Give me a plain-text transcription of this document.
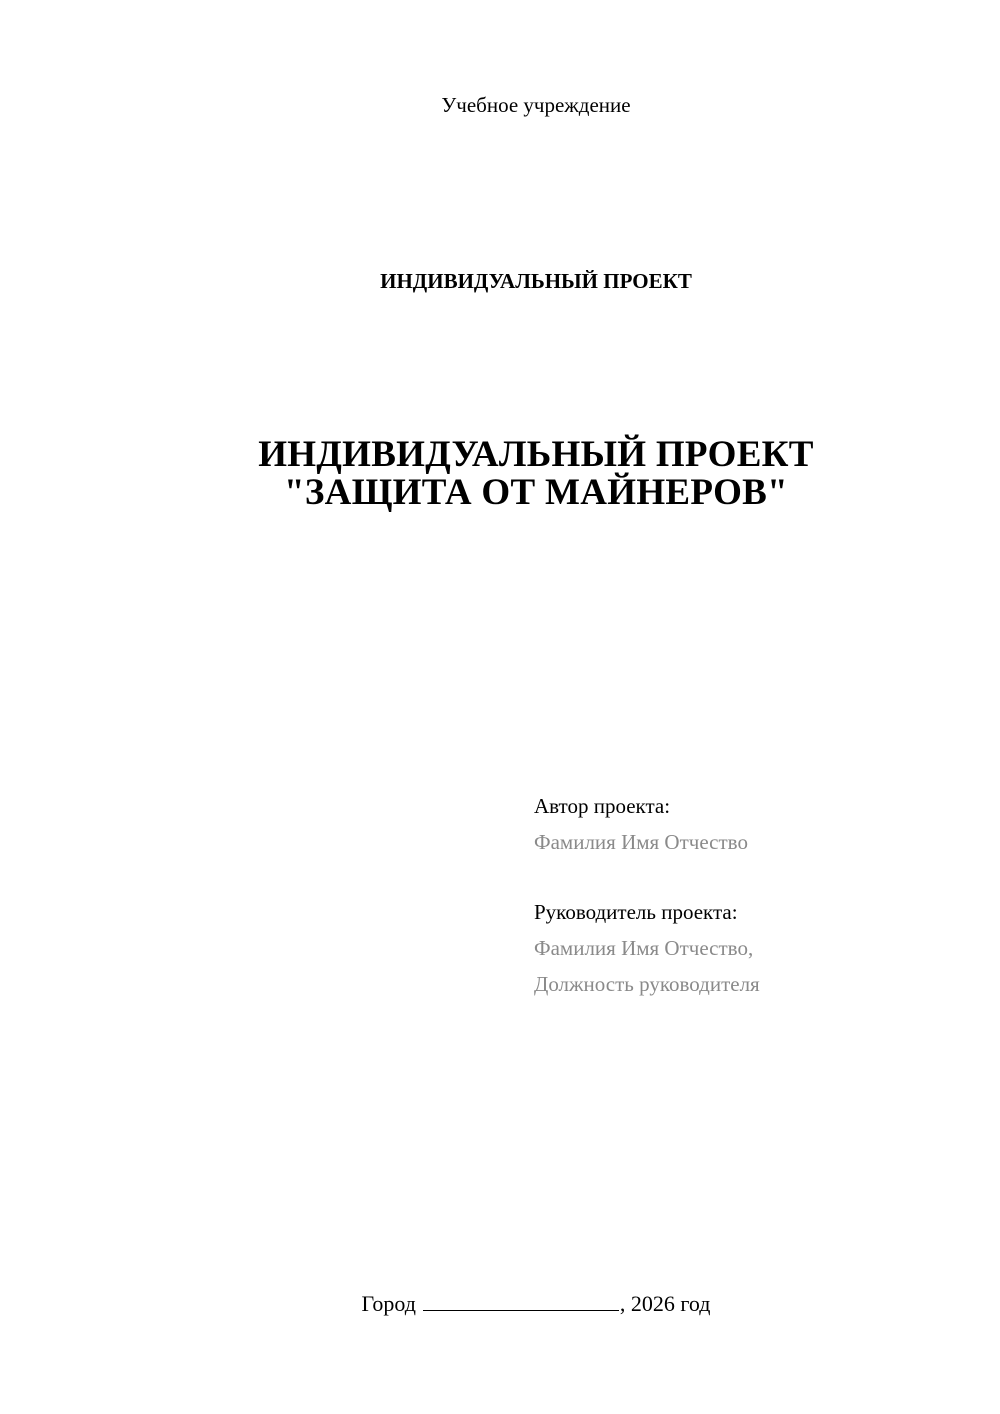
Учебное учреждение
ИНДИВИДУАЛЬНЫЙ ПРОЕКТ
ИНДИВИДУАЛЬНЫЙ ПРОЕКТ
"ЗАЩИТА ОТ МАЙНЕРОВ"
Автор проекта:
Фамилия Имя Отчество
Руководитель проекта:
Фамилия Имя Отчество,
Должность руководителя
Город	, 2026 год
